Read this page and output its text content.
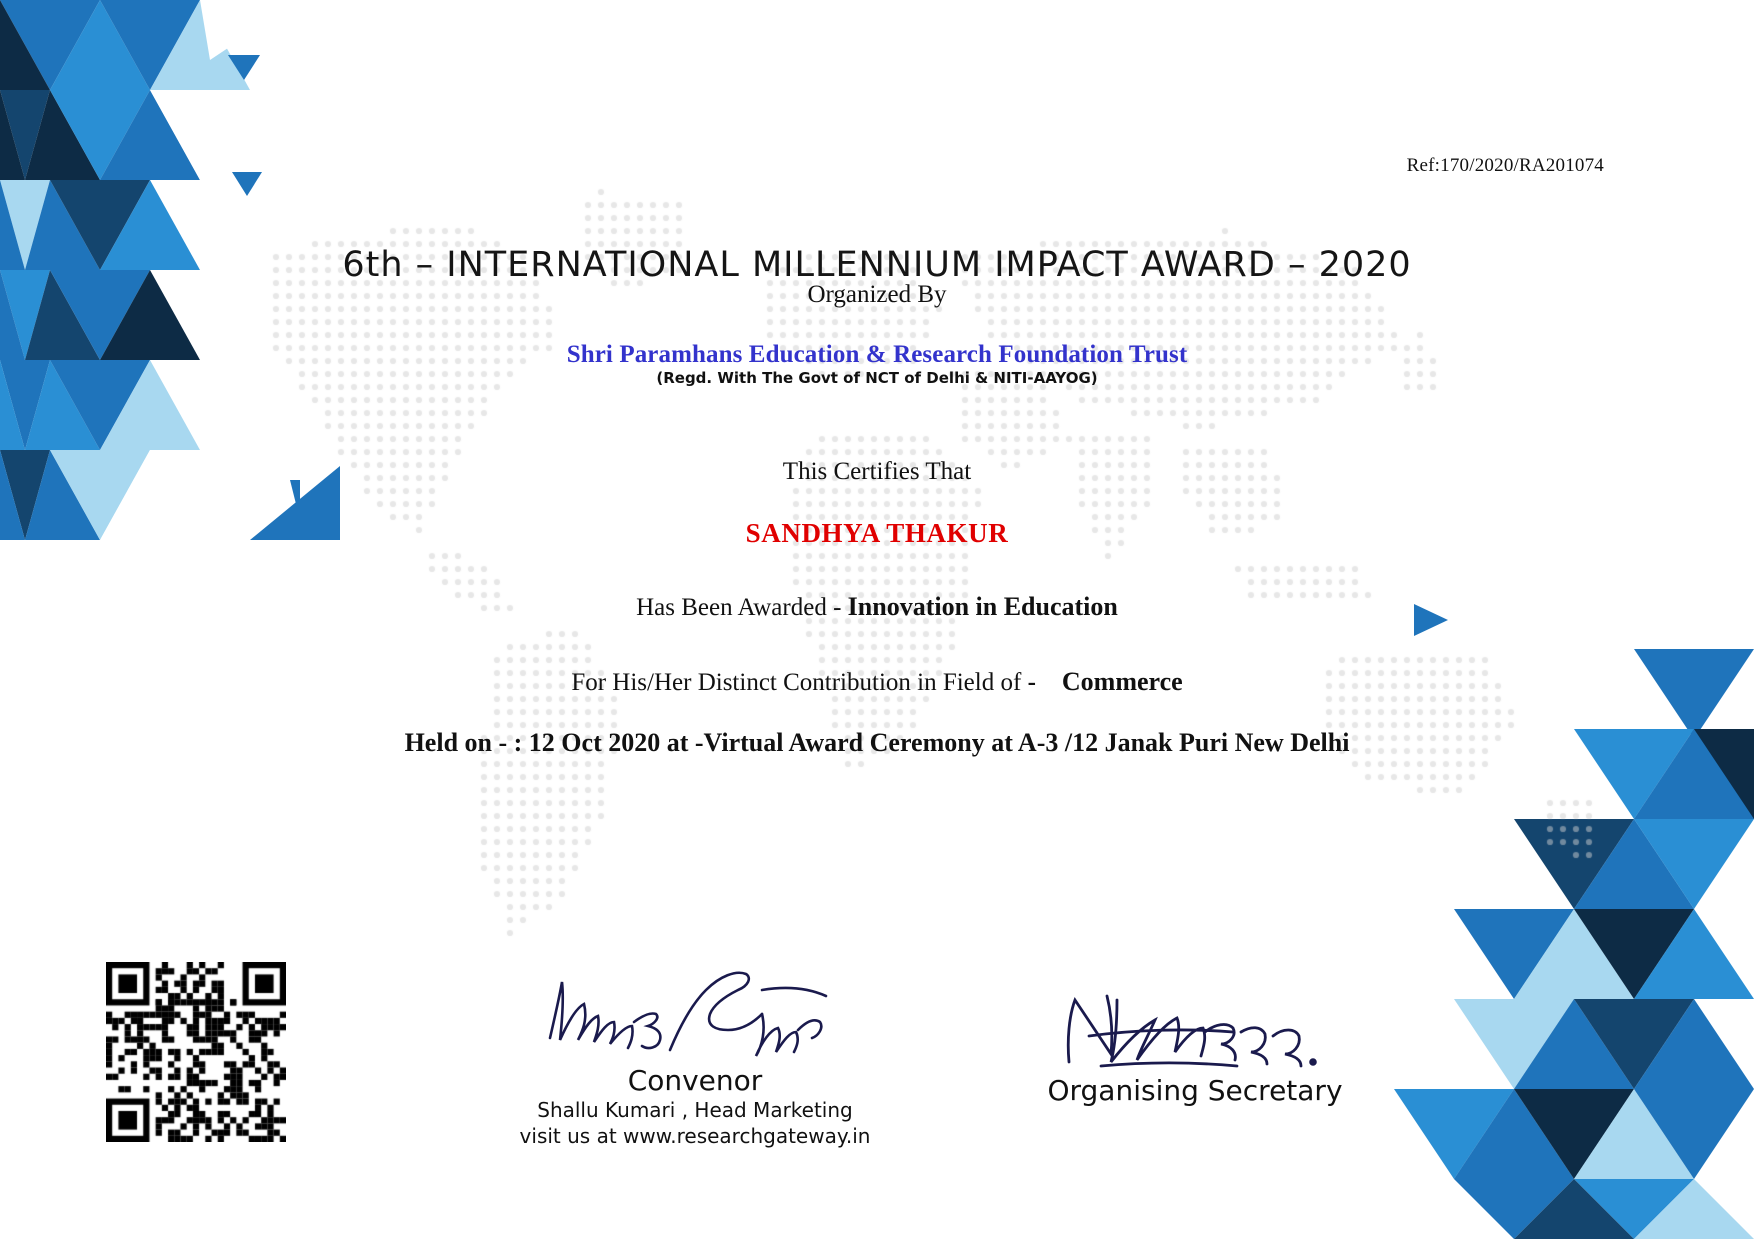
Ref:170/2020/RA201074
6th – INTERNATIONAL MILLENNIUM IMPACT AWARD – 2020
Organized By
Shri Paramhans Education & Research Foundation Trust
(Regd. With The Govt of NCT of Delhi & NITI-AAYOG)
This Certifies That
SANDHYA THAKUR
Has Been Awarded - Innovation in Education
For His/Her Distinct Contribution in Field of - Commerce
Held on - : 12 Oct 2020 at -Virtual Award Ceremony at A-3 /12 Janak Puri New Delhi
Convenor
Shallu Kumari , Head Marketing
visit us at www.researchgateway.in
Organising Secretary
